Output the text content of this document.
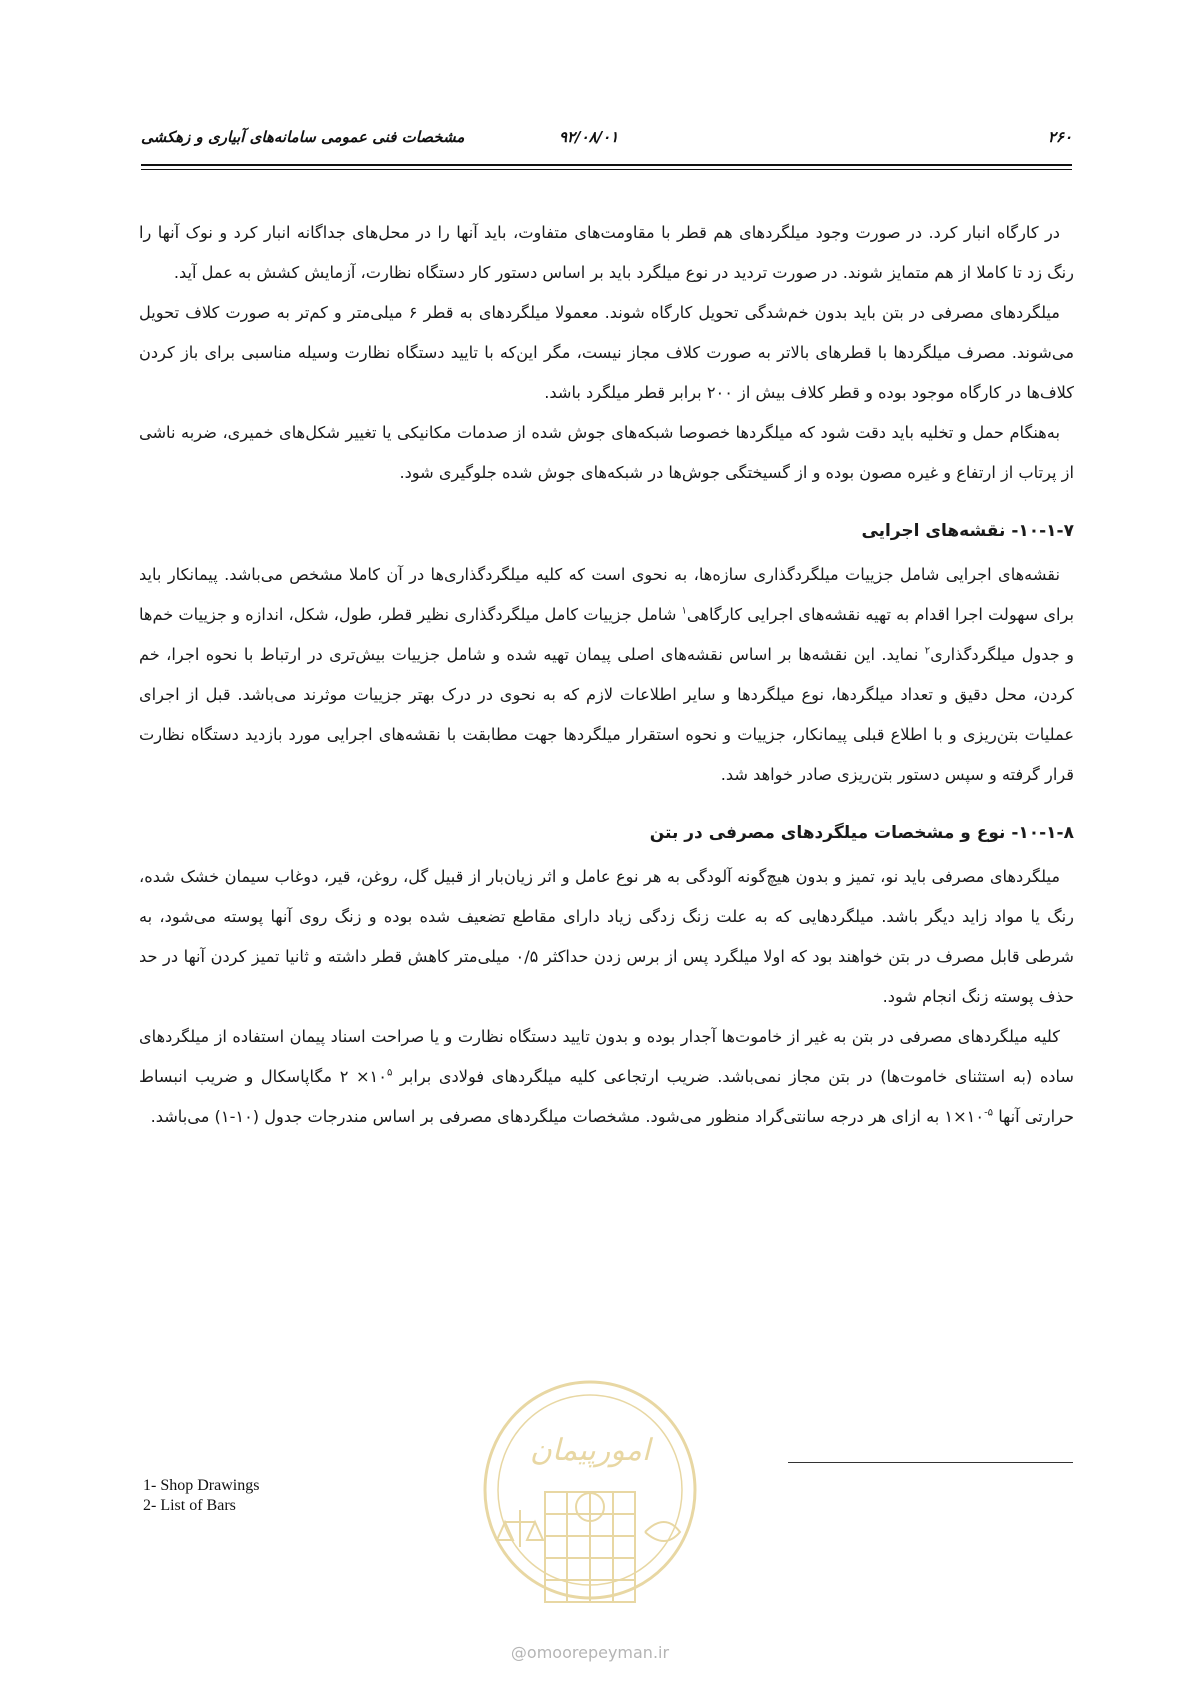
۲۶۰
۹۲/۰۸/۰۱
مشخصات فنی عمومی سامانه‌های آبیاری و زهکشی

در کارگاه انبار کرد. در صورت وجود میلگردهای هم قطر با مقاومت‌های متفاوت، باید آنها را در محل‌های جداگانه انبار کرد و نوک آنها را رنگ زد تا کاملا از هم متمایز شوند. در صورت تردید در نوع میلگرد باید بر اساس دستور کار دستگاه نظارت، آزمایش کشش به عمل آید.

میلگردهای مصرفی در بتن باید بدون خم‌شدگی تحویل کارگاه شوند. معمولا میلگردهای به قطر ۶ میلی‌متر و کم‌تر به صورت کلاف تحویل می‌شوند. مصرف میلگردها با قطرهای بالاتر به صورت کلاف مجاز نیست، مگر این‌که با تایید دستگاه نظارت وسیله مناسبی برای باز کردن کلاف‌ها در کارگاه موجود بوده و قطر کلاف بیش از ۲۰۰ برابر قطر میلگرد باشد.

به‌هنگام حمل و تخلیه باید دقت شود که میلگردها خصوصا شبکه‌های جوش شده از صدمات مکانیکی یا تغییر شکل‌های خمیری، ضربه ناشی از پرتاب از ارتفاع و غیره مصون بوده و از گسیختگی جوش‌ها در شبکه‌های جوش شده جلوگیری شود.

۱۰-۱-۷- نقشه‌های اجرایی

نقشه‌های اجرایی شامل جزییات میلگردگذاری سازه‌ها، به نحوی است که کلیه میلگردگذاری‌ها در آن کاملا مشخص می‌باشد. پیمانکار باید برای سهولت اجرا اقدام به تهیه نقشه‌های اجرایی کارگاهی$^۱$ شامل جزییات کامل میلگردگذاری نظیر قطر، طول، شکل، اندازه و جزییات خم‌ها و جدول میلگردگذاری$^۲$ نماید. این نقشه‌ها بر اساس نقشه‌های اصلی پیمان تهیه شده و شامل جزییات بیش‌تری در ارتباط با نحوه اجرا، خم کردن، محل دقیق و تعداد میلگردها، نوع میلگردها و سایر اطلاعات لازم که به نحوی در درک بهتر جزییات موثرند می‌باشد. قبل از اجرای عملیات بتن‌ریزی و با اطلاع قبلی پیمانکار، جزییات و نحوه استقرار میلگردها جهت مطابقت با نقشه‌های اجرایی مورد بازدید دستگاه نظارت قرار گرفته و سپس دستور بتن‌ریزی صادر خواهد شد.

۱۰-۱-۸- نوع و مشخصات میلگردهای مصرفی در بتن

میلگردهای مصرفی باید نو، تمیز و بدون هیچ‌گونه آلودگی به هر نوع عامل و اثر زیان‌بار از قبیل گل، روغن، قیر، دوغاب سیمان خشک شده، رنگ یا مواد زاید دیگر باشد. میلگردهایی که به علت زنگ زدگی زیاد دارای مقاطع تضعیف شده بوده و زنگ روی آنها پوسته می‌شود، به شرطی قابل مصرف در بتن خواهند بود که اولا میلگرد پس از برس زدن حداکثر ۰/۵ میلی‌متر کاهش قطر داشته و ثانیا تمیز کردن آنها در حد حذف پوسته زنگ انجام شود.

کلیه میلگردهای مصرفی در بتن به غیر از خاموت‌ها آجدار بوده و بدون تایید دستگاه نظارت و یا صراحت اسناد پیمان استفاده از میلگردهای ساده (به استثنای خاموت‌ها) در بتن مجاز نمی‌باشد. ضریب ارتجاعی کلیه میلگردهای فولادی برابر ۲ $\times ۱۰^۵$ مگاپاسکال و ضریب انبساط حرارتی آنها $۱\times ۱۰^{-۵}$ به ازای هر درجه سانتی‌گراد منظور می‌شود. مشخصات میلگردهای مصرفی بر اساس مندرجات جدول (۱۰-۱) می‌باشد.

1- Shop Drawings
2- List of Bars
امورپیمان
@omoorepeyman.ir
